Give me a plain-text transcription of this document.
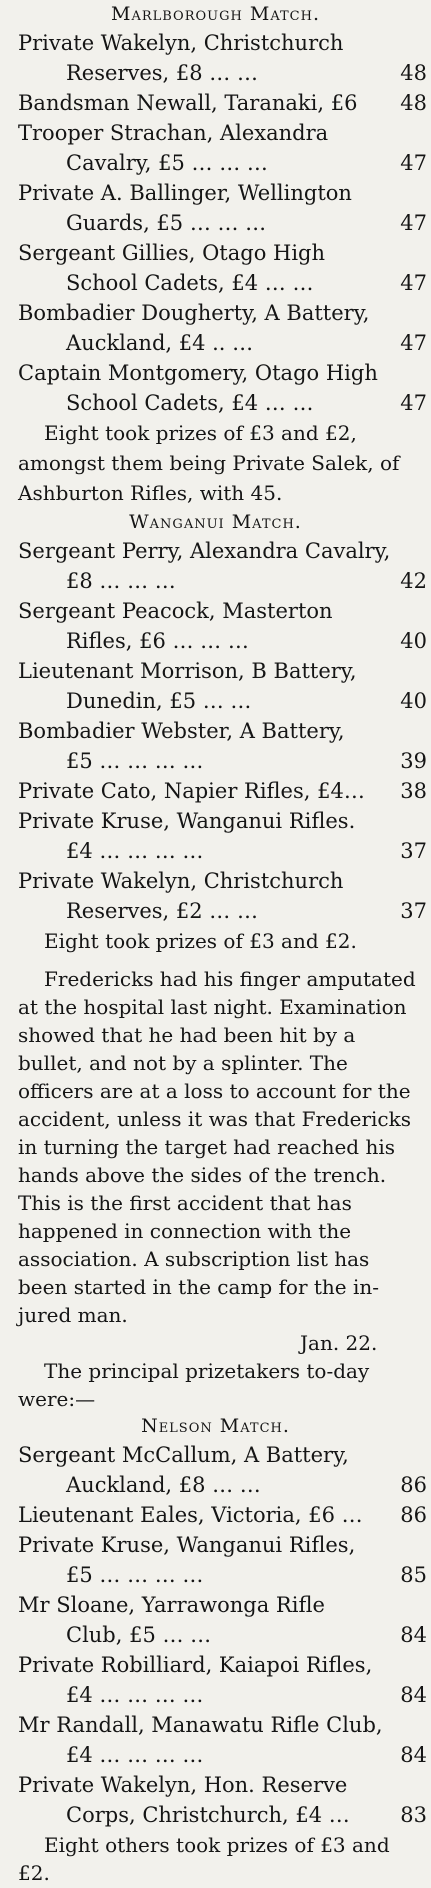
Marlborough Match.
Private Wakelyn, Christchurch
Reserves, £8 … …	48
Bandsman Newall, Taranaki, £6 48
Trooper Strachan, Alexandra
Cavalry, £5 … … …	47
Private A. Ballinger, Wellington
Guards, £5 … … …	47
Sergeant Gillies, Otago High
School Cadets, £4 … …	47
Bombadier Dougherty, A Battery,
Auckland, £4 .. …	47
Captain Montgomery, Otago High
School Cadets, £4 … …	47
Eight took prizes of £3 and £2,
amongst them being Private Salek, of
Ashburton Rifles, with 45.
Wanganui Match.
Sergeant Perry, Alexandra Cavalry,
£8 … … …	42
Sergeant Peacock, Masterton
Rifles, £6 … … …	40
Lieutenant Morrison, B Battery,
Dunedin, £5 … …	40
Bombadier Webster, A Battery,
£5 … … … …	39
Private Cato, Napier Rifles, £4… 38
Private Kruse, Wanganui Rifles.
£4 … … … …	37
Private Wakelyn, Christchurch
Reserves, £2 … …	37
Eight took prizes of £3 and £2.
Fredericks had his finger amputated
at the hospital last night. Examination
showed that he had been hit by a
bullet, and not by a splinter. The
officers are at a loss to account for the
accident, unless it was that Fredericks
in turning the target had reached his
hands above the sides of the trench.
This is the first accident that has
happened in connection with the
association. A subscription list has
been started in the camp for the in-
jured man.
Jan. 22.
The principal prizetakers to-day
were:—
Nelson Match.
Sergeant McCallum, A Battery,
Auckland, £8 … …	86
Lieutenant Eales, Victoria, £6 … 86
Private Kruse, Wanganui Rifles,
£5 … … … …	85
Mr Sloane, Yarrawonga Rifle
Club, £5 … …	84
Private Robilliard, Kaiapoi Rifles,
£4 … … … …	84
Mr Randall, Manawatu Rifle Club,
£4 … … … …	84
Private Wakelyn, Hon. Reserve
Corps, Christchurch, £4 … 83
Eight others took prizes of £3 and
£2.
